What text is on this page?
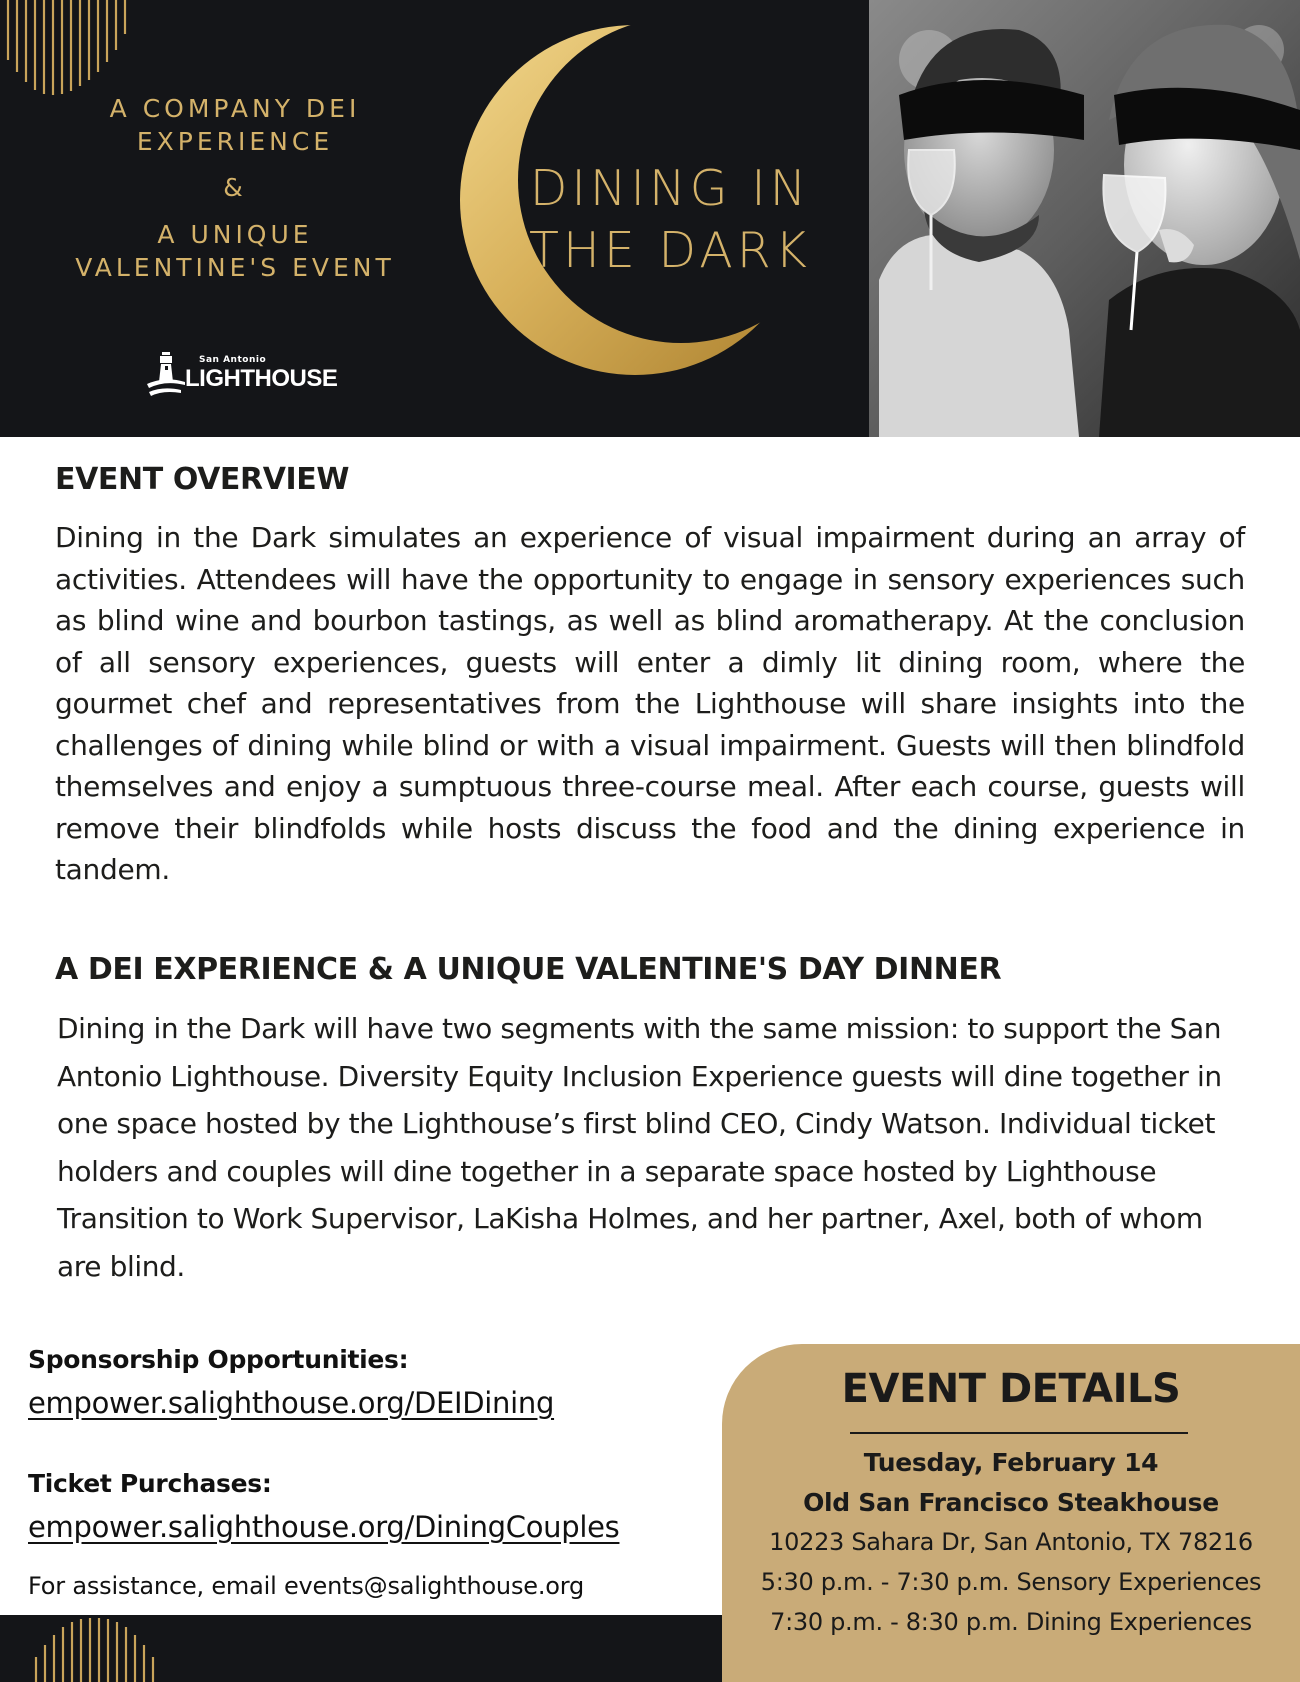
A COMPANY DEI
EXPERIENCE
&
A UNIQUE
VALENTINE'S EVENT
San Antonio
LIGHTHOUSE
DINING IN
THE DARK
EVENT OVERVIEW

Dining in the Dark simulates an experience of visual impairment during an array of activities. Attendees will have the opportunity to engage in sensory experiences such as blind wine and bourbon tastings, as well as blind aromatherapy. At the conclusion of all sensory experiences, guests will enter a dimly lit dining room, where the gourmet chef and representatives from the Lighthouse will share insights into the challenges of dining while blind or with a visual impairment. Guests will then blindfold themselves and enjoy a sumptuous three-course meal. After each course, guests will remove their blindfolds while hosts discuss the food and the dining experience in tandem.

A DEI EXPERIENCE & A UNIQUE VALENTINE'S DAY DINNER

Dining in the Dark will have two segments with the same mission: to support the San Antonio Lighthouse. Diversity Equity Inclusion Experience guests will dine together in one space hosted by the Lighthouse’s first blind CEO, Cindy Watson. Individual ticket holders and couples will dine together in a separate space hosted by Lighthouse Transition to Work Supervisor, LaKisha Holmes, and her partner, Axel, both of whom are blind.

Sponsorship Opportunities:
empower.salighthouse.org/DEIDining
Ticket Purchases:
empower.salighthouse.org/DiningCouples
For assistance, email events@salighthouse.org
EVENT DETAILS
Tuesday, February 14
Old San Francisco Steakhouse
10223 Sahara Dr, San Antonio, TX 78216
5:30 p.m. - 7:30 p.m. Sensory Experiences
7:30 p.m. - 8:30 p.m. Dining Experiences
